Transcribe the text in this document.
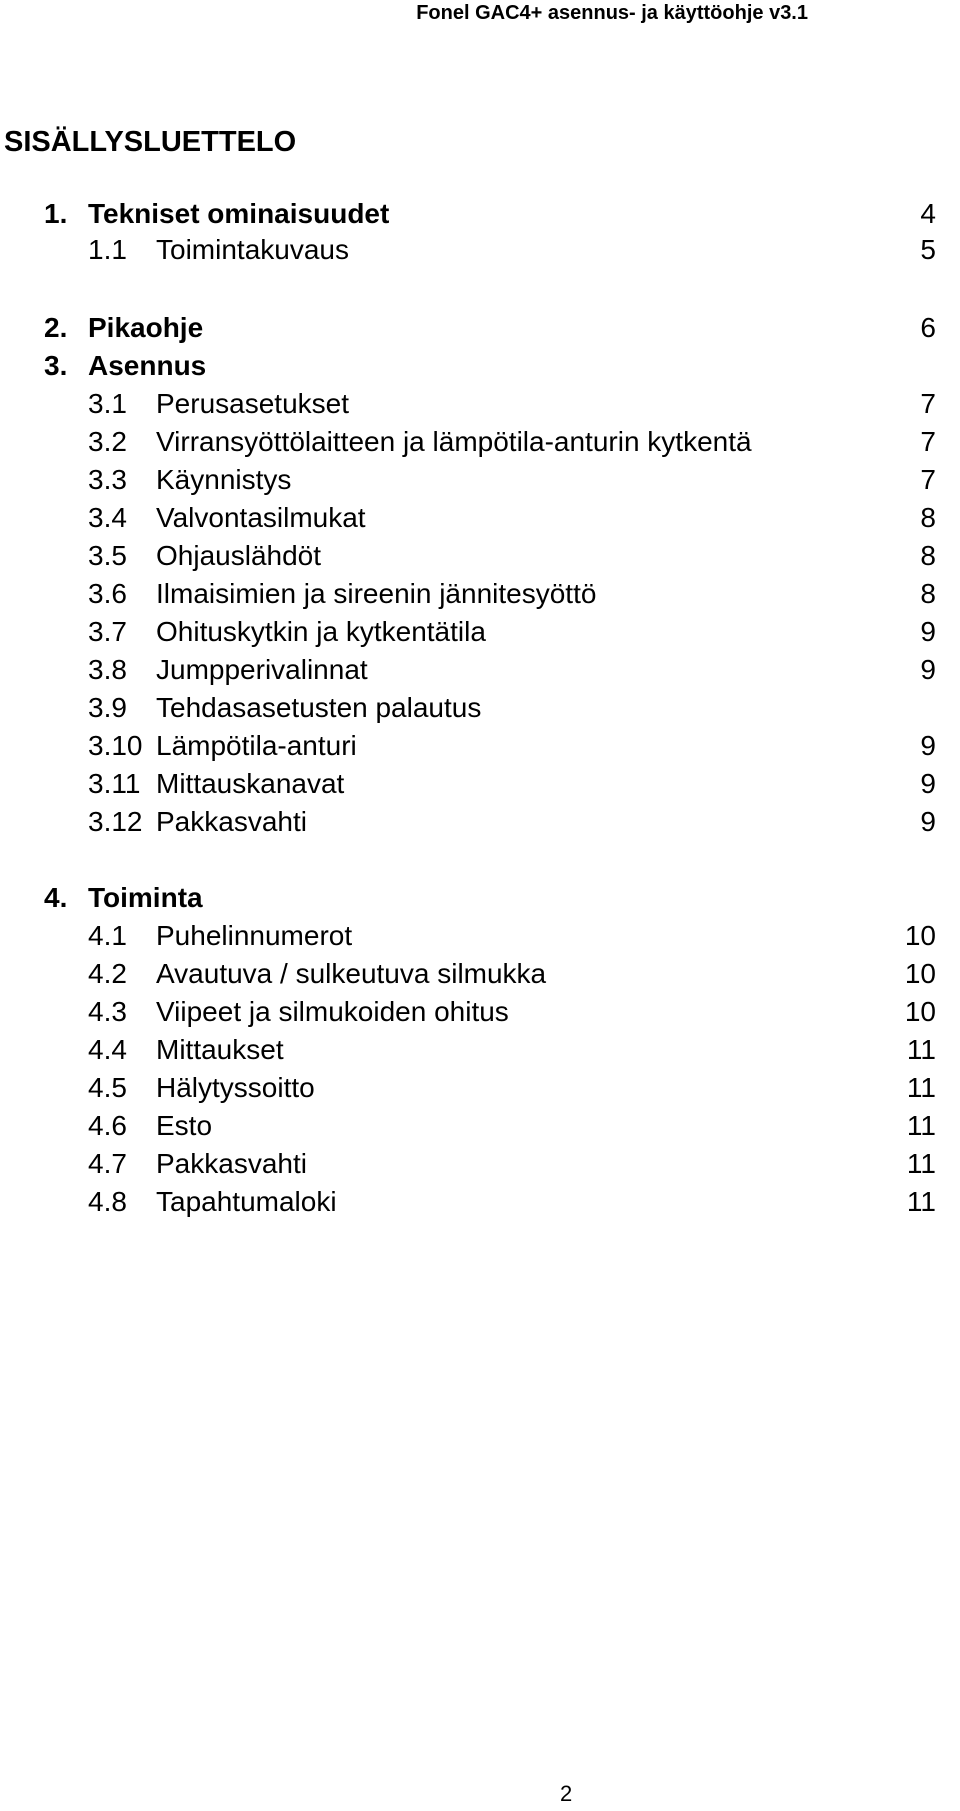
Fonel GAC4+ asennus- ja käyttöohje v3.1
SISÄLLYSLUETTELO
1. Tekniset ominaisuudet	4
1.1 Toimintakuvaus	5
2. Pikaohje	6
3. Asennus
3.1 Perusasetukset	7
3.2 Virransyöttölaitteen ja lämpötila-anturin kytkentä	7
3.3 Käynnistys	7
3.4 Valvontasilmukat	8
3.5 Ohjauslähdöt	8
3.6 Ilmaisimien ja sireenin jännitesyöttö	8
3.7 Ohituskytkin ja kytkentätila	9
3.8 Jumpperivalinnat	9
3.9 Tehdasasetusten palautus
3.10 Lämpötila-anturi	9
3.11 Mittauskanavat	9
3.12 Pakkasvahti	9
4. Toiminta
4.1 Puhelinnumerot	10
4.2 Avautuva / sulkeutuva silmukka	10
4.3 Viipeet ja silmukoiden ohitus	10
4.4 Mittaukset	11
4.5 Hälytyssoitto	11
4.6 Esto	11
4.7 Pakkasvahti	11
4.8 Tapahtumaloki	11
2
